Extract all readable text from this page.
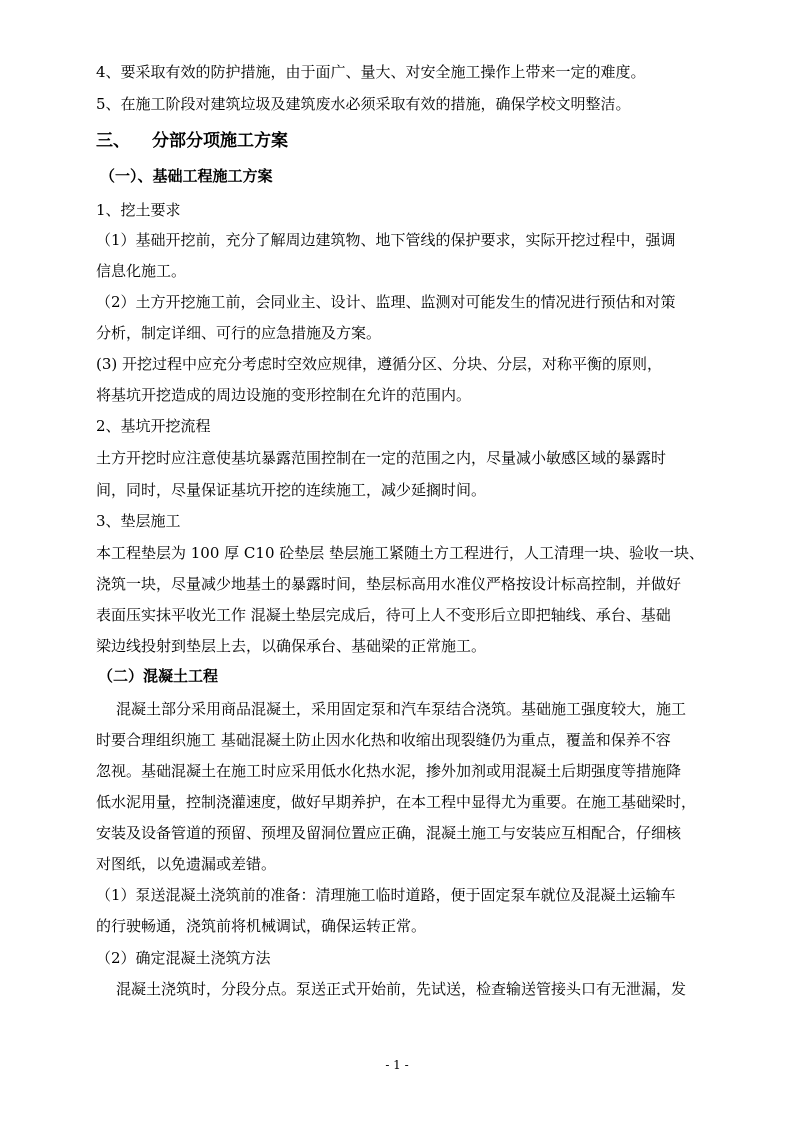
4、要采取有效的防护措施，由于面广、量大、对安全施工操作上带来一定的难度。
5、在施工阶段对建筑垃圾及建筑废水必须采取有效的措施，确保学校文明整洁。
三、 分部分项施工方案
（一）、基础工程施工方案
1、挖土要求
（1）基础开挖前，充分了解周边建筑物、地下管线的保护要求，实际开挖过程中，强调
信息化施工。
（2）土方开挖施工前，会同业主、设计、监理、监测对可能发生的情况进行预估和对策
分析，制定详细、可行的应急措施及方案。
(3) 开挖过程中应充分考虑时空效应规律，遵循分区、分块、分层，对称平衡的原则，
将基坑开挖造成的周边设施的变形控制在允许的范围内。
2、基坑开挖流程
土方开挖时应注意使基坑暴露范围控制在一定的范围之内，尽量减小敏感区域的暴露时
间，同时，尽量保证基坑开挖的连续施工，减少延搁时间。
3、垫层施工
本工程垫层为 100 厚 C10 砼垫层 垫层施工紧随土方工程进行，人工清理一块、验收一块、
浇筑一块，尽量减少地基土的暴露时间，垫层标高用水准仪严格按设计标高控制，并做好
表面压实抹平收光工作 混凝土垫层完成后，待可上人不变形后立即把轴线、承台、基础
梁边线投射到垫层上去，以确保承台、基础梁的正常施工。
（二）混凝土工程
混凝土部分采用商品混凝土，采用固定泵和汽车泵结合浇筑。基础施工强度较大，施工
时要合理组织施工 基础混凝土防止因水化热和收缩出现裂缝仍为重点，覆盖和保养不容
忽视。基础混凝土在施工时应采用低水化热水泥，掺外加剂或用混凝土后期强度等措施降
低水泥用量，控制浇灌速度，做好早期养护，在本工程中显得尤为重要。在施工基础梁时，
安装及设备管道的预留、预埋及留洞位置应正确，混凝土施工与安装应互相配合，仔细核
对图纸，以免遗漏或差错。
（1）泵送混凝土浇筑前的准备：清理施工临时道路，便于固定泵车就位及混凝土运输车
的行驶畅通，浇筑前将机械调试，确保运转正常。
（2）确定混凝土浇筑方法
混凝土浇筑时，分段分点。泵送正式开始前，先试送，检查输送管接头口有无泄漏，发
- 1 -
